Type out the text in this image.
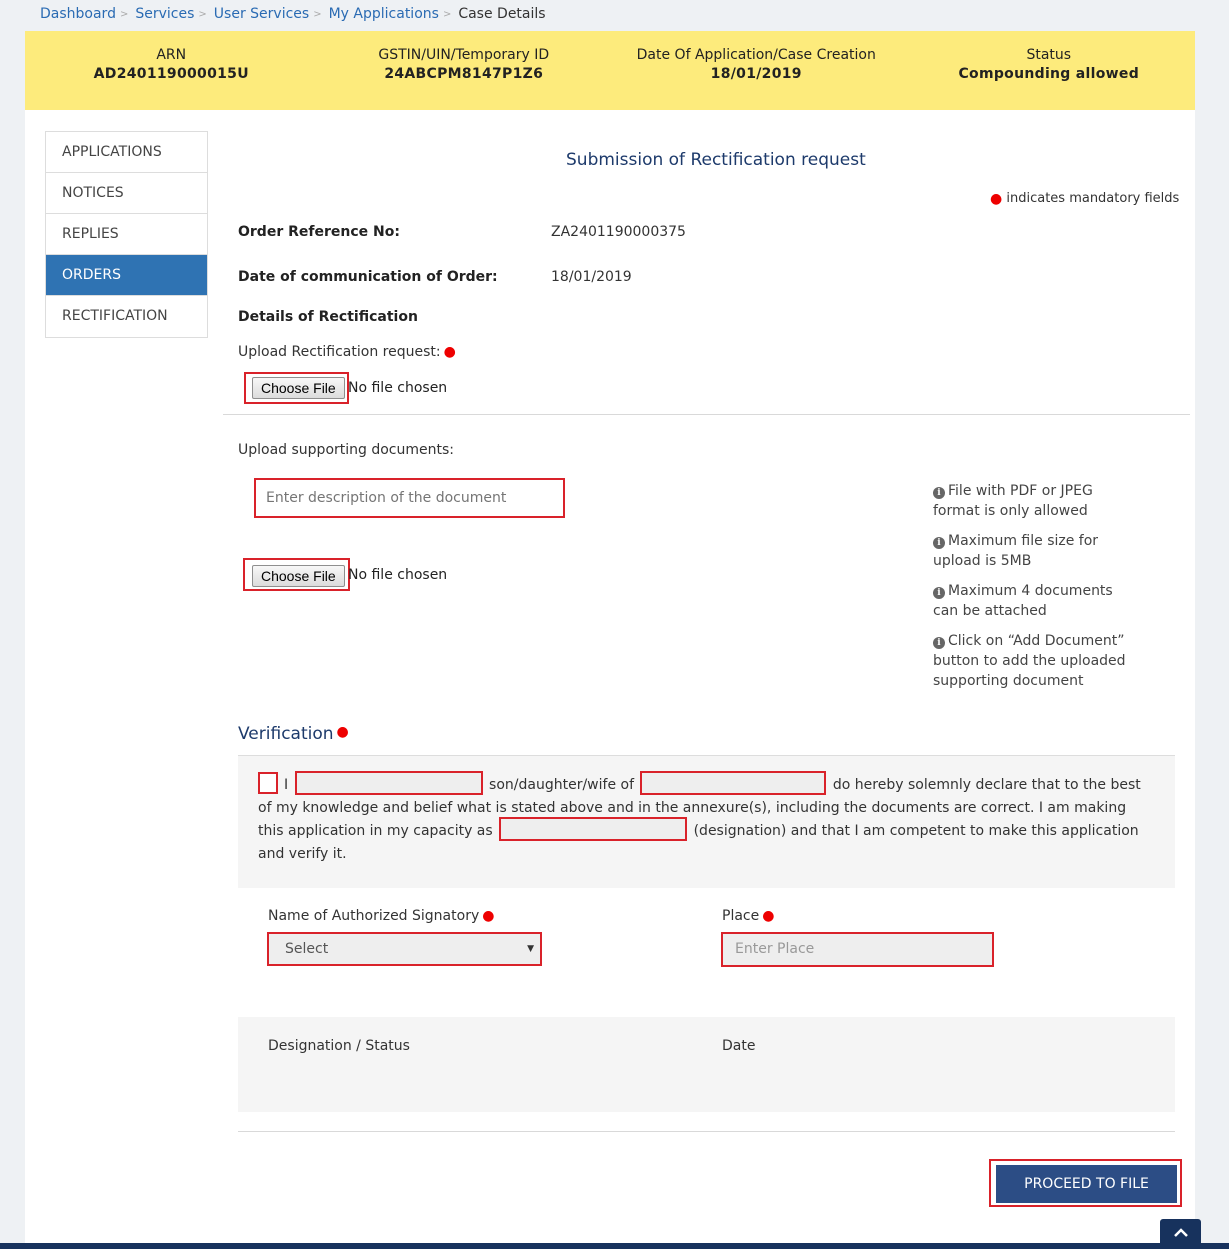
Dashboard > Services > User Services > My Applications > Case Details
ARN
AD240119000015U
GSTIN/UIN/Temporary ID
24ABCPM8147P1Z6
Date Of Application/Case Creation
18/01/2019
Status
Compounding allowed
APPLICATIONS
NOTICES
REPLIES
ORDERS
RECTIFICATION
Submission of Rectification request
● indicates mandatory fields
Order Reference No:	ZA2401190000375
Date of communication of Order:	18/01/2019
Details of Rectification
Upload Rectification request: ●
Choose File No file chosen
Upload supporting documents:
Enter description of the document
Choose File No file chosen
i File with PDF or JPEG format is only allowed
i Maximum file size for upload is 5MB
i Maximum 4 documents can be attached
i Click on “Add Document” button to add the uploaded supporting document
Verification ●
I	son/daughter/wife of	do hereby solemnly declare that to the best of my knowledge and belief what is stated above and in the annexure(s), including the documents are correct. I am making this application in my capacity as	(designation) and that I am competent to make this application and verify it.
Name of Authorized Signatory ●
Select	▼
Place ●
Enter Place
Designation / Status	Date
PROCEED TO FILE
